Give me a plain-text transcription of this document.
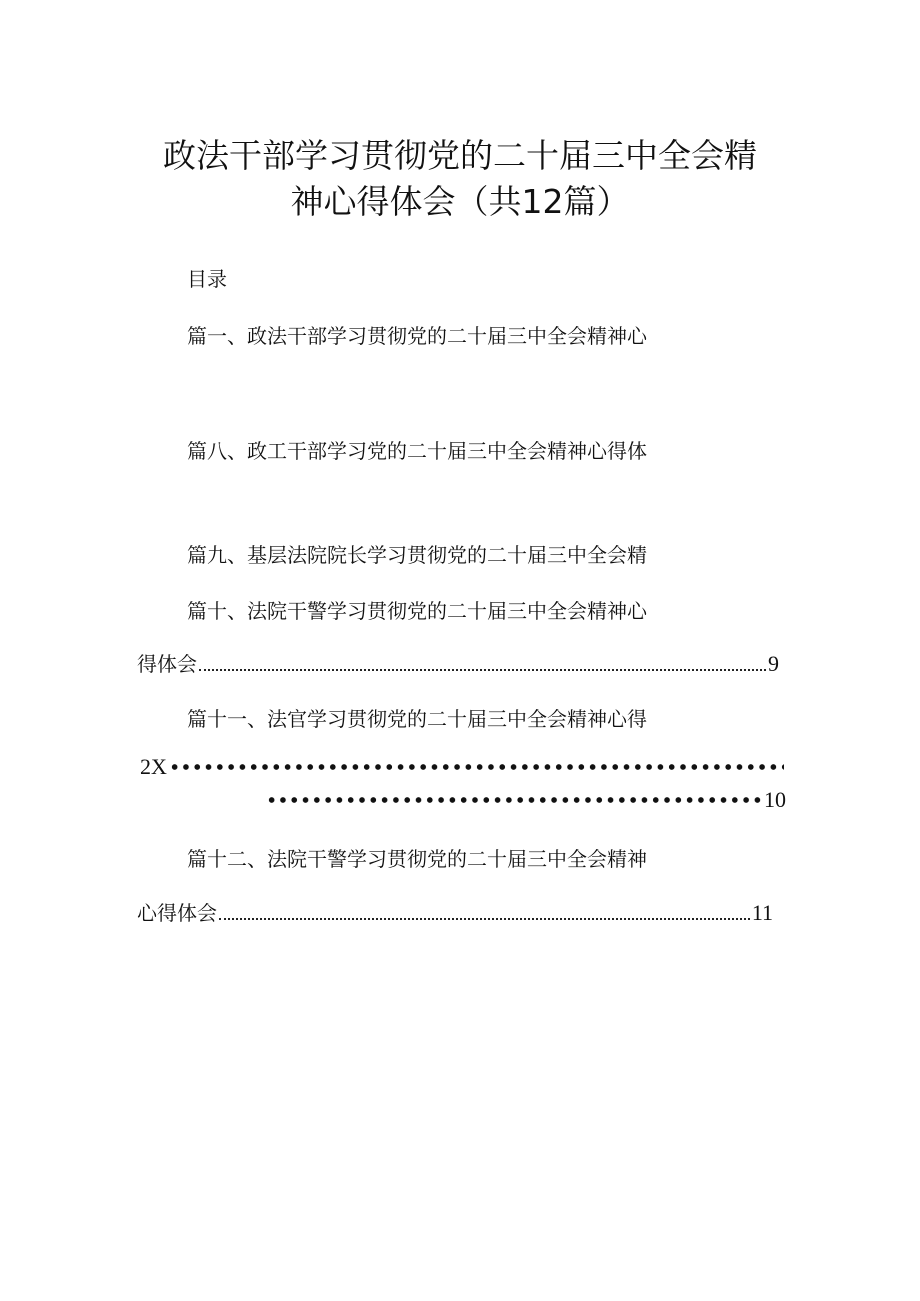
政法干部学习贯彻党的二十届三中全会精
神心得体会（共12篇）
目录
篇一、政法干部学习贯彻党的二十届三中全会精神心
篇八、政工干部学习党的二十届三中全会精神心得体
篇九、基层法院院长学习贯彻党的二十届三中全会精
篇十、法院干警学习贯彻党的二十届三中全会精神心
得体会	9
篇十一、法官学习贯彻党的二十届三中全会精神心得
2X
10
篇十二、法院干警学习贯彻党的二十届三中全会精神
心得体会	11
